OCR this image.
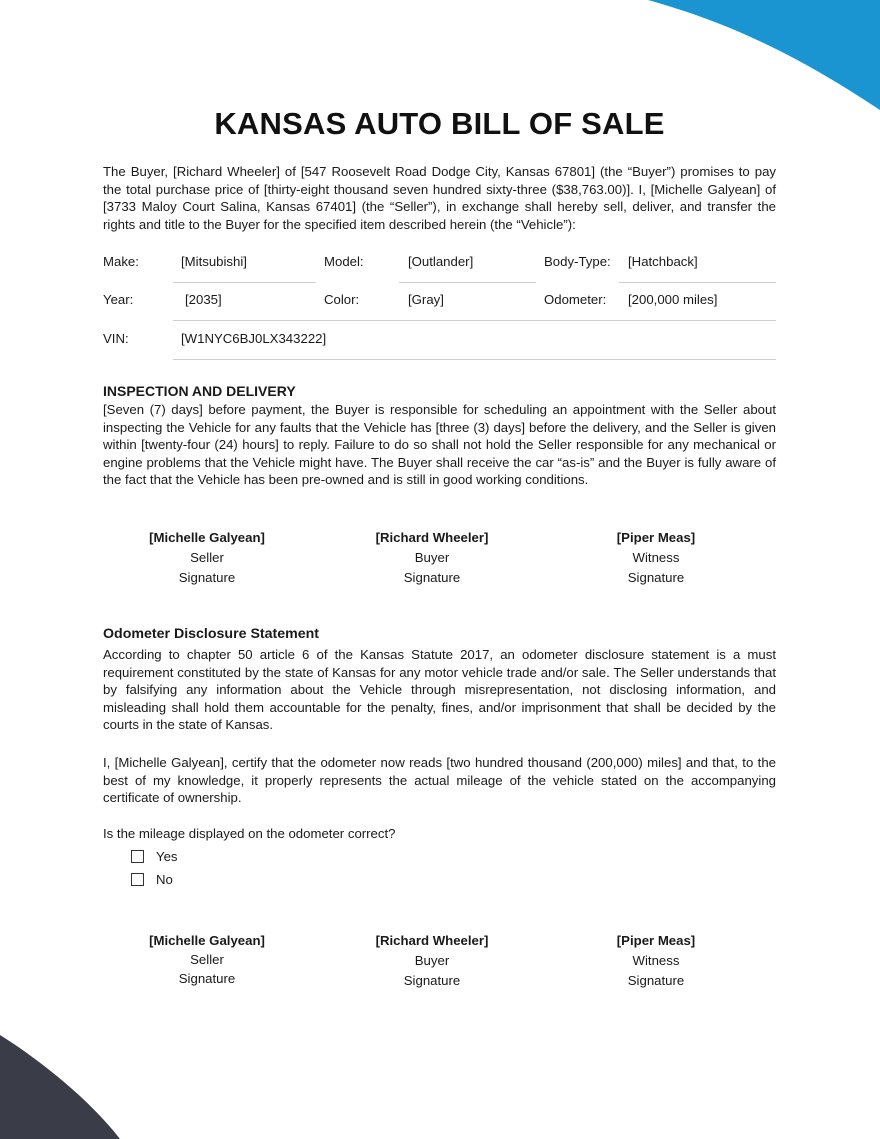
KANSAS AUTO BILL OF SALE

The Buyer, [Richard Wheeler] of [547 Roosevelt Road Dodge City, Kansas 67801] (the “Buyer”) promises to pay the total purchase price of [thirty-eight thousand seven hundred sixty-three ($38,763.00)]. I, [Michelle Galyean] of [3733 Maloy Court Salina, Kansas 67401] (the “Seller”), in exchange shall hereby sell, deliver, and transfer the rights and title to the Buyer for the specified item described herein (the “Vehicle”):

Make:	[Mitsubishi]	Model:	[Outlander]	Body-Type: [Hatchback]
Year:	[2035]	Color:	[Gray]	Odometer: [200,000 miles]
VIN:	[W1NYC6BJ0LX343222]
INSPECTION AND DELIVERY

[Seven (7) days] before payment, the Buyer is responsible for scheduling an appointment with the Seller about inspecting the Vehicle for any faults that the Vehicle has [three (3) days] before the delivery, and the Seller is given within [twenty-four (24) hours] to reply. Failure to do so shall not hold the Seller responsible for any mechanical or engine problems that the Vehicle might have. The Buyer shall receive the car “as-is” and the Buyer is fully aware of the fact that the Vehicle has been pre-owned and is still in good working conditions.

[Michelle Galyean]
Seller
Signature
[Richard Wheeler]
Buyer
Signature
[Piper Meas]
Witness
Signature
Odometer Disclosure Statement

According to chapter 50 article 6 of the Kansas Statute 2017, an odometer disclosure statement is a must requirement constituted by the state of Kansas for any motor vehicle trade and/or sale. The Seller understands that by falsifying any information about the Vehicle through misrepresentation, not disclosing information, and misleading shall hold them accountable for the penalty, fines, and/or imprisonment that shall be decided by the courts in the state of Kansas.

I, [Michelle Galyean], certify that the odometer now reads [two hundred thousand (200,000) miles] and that, to the best of my knowledge, it properly represents the actual mileage of the vehicle stated on the accompanying certificate of ownership.

Is the mileage displayed on the odometer correct?

Yes
No
[Michelle Galyean]
Seller
Signature
[Richard Wheeler]
Buyer
Signature
[Piper Meas]
Witness
Signature
